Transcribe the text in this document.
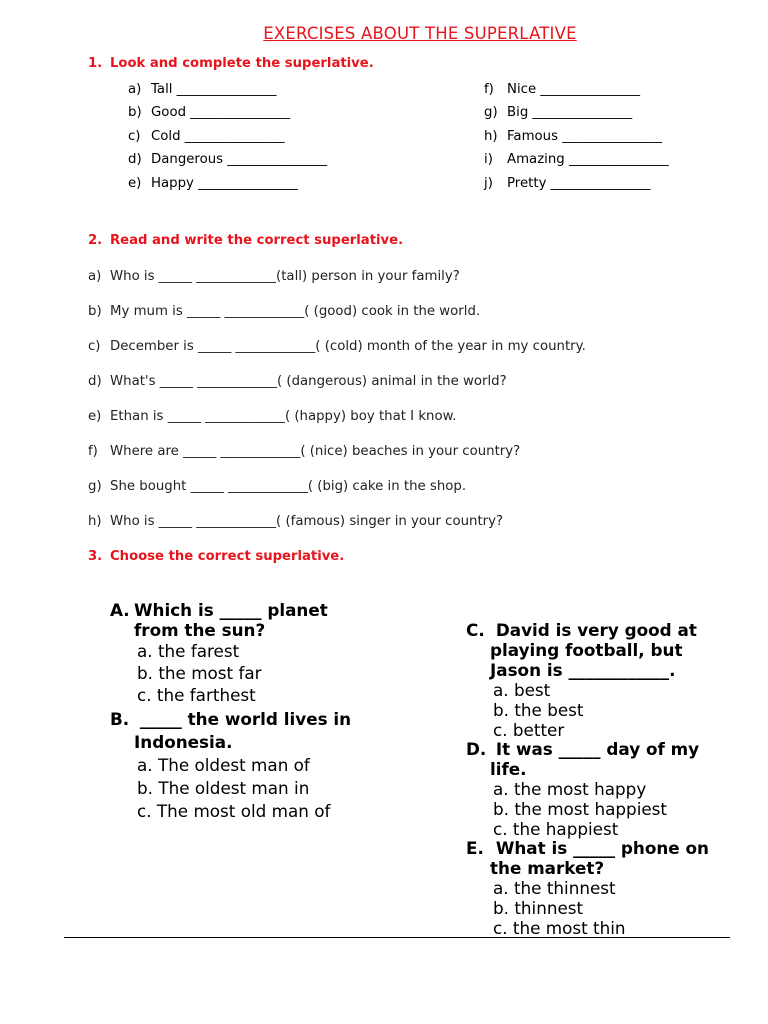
EXERCISES ABOUT THE SUPERLATIVE
1. Look and complete the superlative.
a) Tall _______________
b) Good _______________
c) Cold _______________
d) Dangerous _______________
e) Happy _______________
f) Nice _______________
g) Big _______________
h) Famous _______________
i) Amazing _______________
j) Pretty _______________
2. Read and write the correct superlative.
a) Who is _____ ____________(tall) person in your family?
b) My mum is _____ ____________( (good) cook in the world.
c) December is _____ ____________( (cold) month of the year in my country.
d) What's _____ ____________( (dangerous) animal in the world?
e) Ethan is _____ ____________( (happy) boy that I know.
f) Where are _____ ____________( (nice) beaches in your country?
g) She bought _____ ____________( (big) cake in the shop.
h) Who is _____ ____________( (famous) singer in your country?
3. Choose the correct superlative.
A. Which is _____ planet
from the sun?
a. the farest
b. the most far
c. the farthest
B. _____ the world lives in
Indonesia.
a. The oldest man of
b. The oldest man in
c. The most old man of
C. David is very good at
playing football, but
Jason is ____________.
a. best
b. the best
c. better
D. It was _____ day of my
life.
a. the most happy
b. the most happiest
c. the happiest
E. What is _____ phone on
the market?
a. the thinnest
b. thinnest
c. the most thin
